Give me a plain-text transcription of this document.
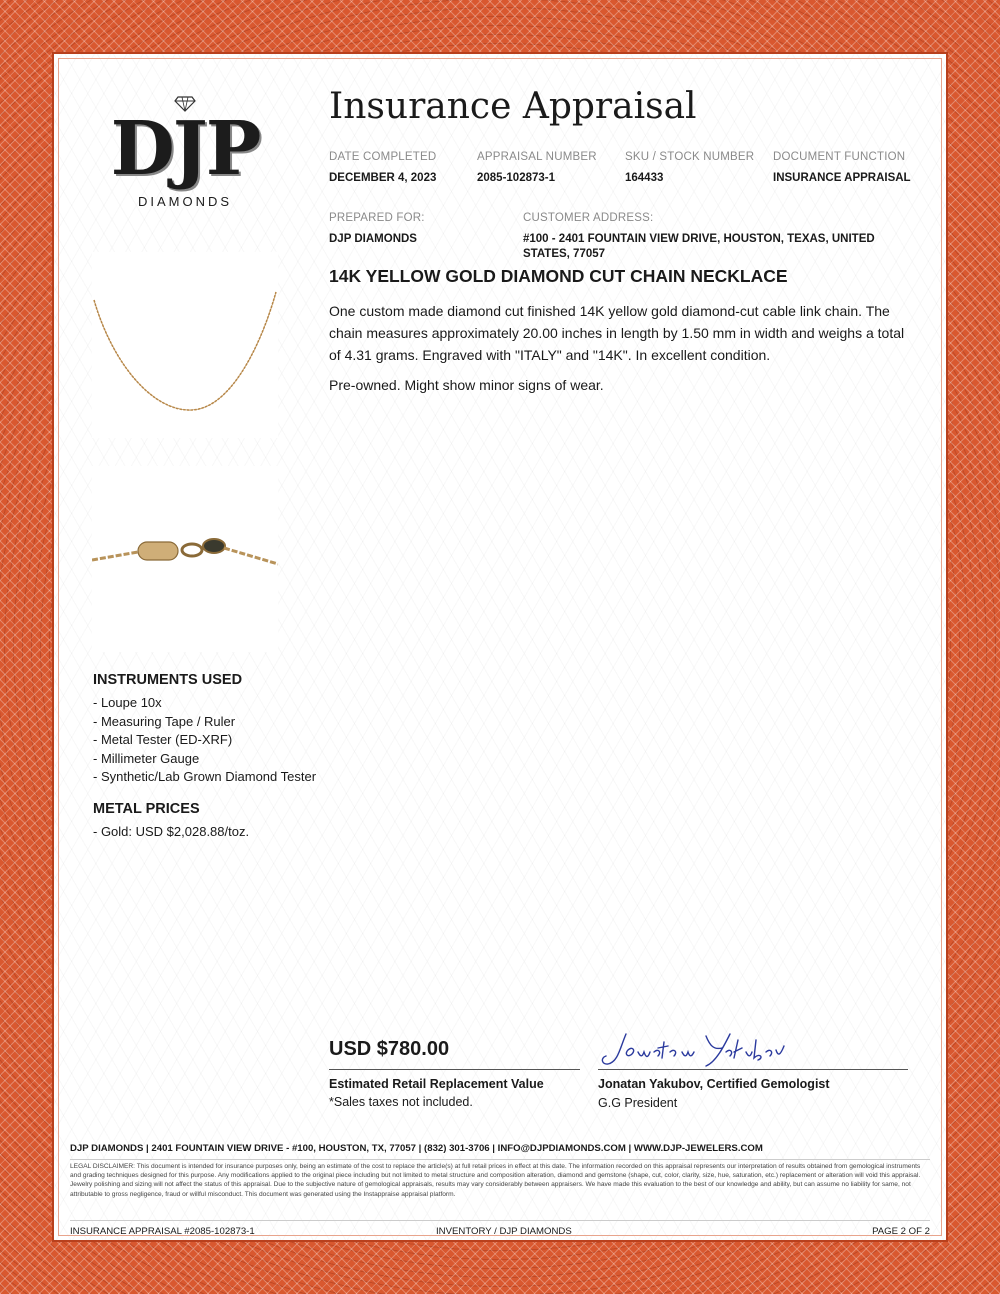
DJP
DIAMONDS
Insurance Appraisal
DATE COMPLETED
DECEMBER 4, 2023
APPRAISAL NUMBER
2085-102873-1
SKU / STOCK NUMBER
164433
DOCUMENT FUNCTION
INSURANCE APPRAISAL
PREPARED FOR:
DJP DIAMONDS
CUSTOMER ADDRESS:
#100 - 2401 FOUNTAIN VIEW DRIVE, HOUSTON, TEXAS, UNITED STATES, 77057
14K YELLOW GOLD DIAMOND CUT CHAIN NECKLACE
One custom made diamond cut finished 14K yellow gold diamond-cut cable link chain. The chain measures approximately 20.00 inches in length by 1.50 mm in width and weighs a total of 4.31 grams. Engraved with "ITALY" and "14K". In excellent condition.
Pre-owned. Might show minor signs of wear.
INSTRUMENTS USED
- Loupe 10x
- Measuring Tape / Ruler
- Metal Tester (ED-XRF)
- Millimeter Gauge
- Synthetic/Lab Grown Diamond Tester
METAL PRICES
- Gold: USD $2,028.88/toz.
USD $780.00
Estimated Retail Replacement Value
*Sales taxes not included.
Jonatan Yakubov, Certified Gemologist
G.G President
DJP DIAMONDS | 2401 FOUNTAIN VIEW DRIVE - #100, HOUSTON, TX, 77057 | (832) 301-3706 | INFO@DJPDIAMONDS.COM | WWW.DJP-JEWELERS.COM
LEGAL DISCLAIMER: This document is intended for insurance purposes only, being an estimate of the cost to replace the article(s) at full retail prices in effect at this date. The information recorded on this appraisal represents our interpretation of results obtained from gemological instruments and grading techniques designed for this purpose. Any modifications applied to the original piece including but not limited to metal structure and composition alteration, diamond and gemstone (shape, cut, color, clarity, size, hue, saturation, etc.) replacement or alteration will void this appraisal. Jewelry polishing and sizing will not affect the status of this appraisal. Due to the subjective nature of gemological appraisals, results may vary considerably between appraisers. We have made this evaluation to the best of our knowledge and ability, but can assume no liability for same, not attributable to gross negligence, fraud or willful misconduct. This document was generated using the Instappraise appraisal platform.
INSURANCE APPRAISAL #2085-102873-1	INVENTORY / DJP DIAMONDS	PAGE 2 OF 2
